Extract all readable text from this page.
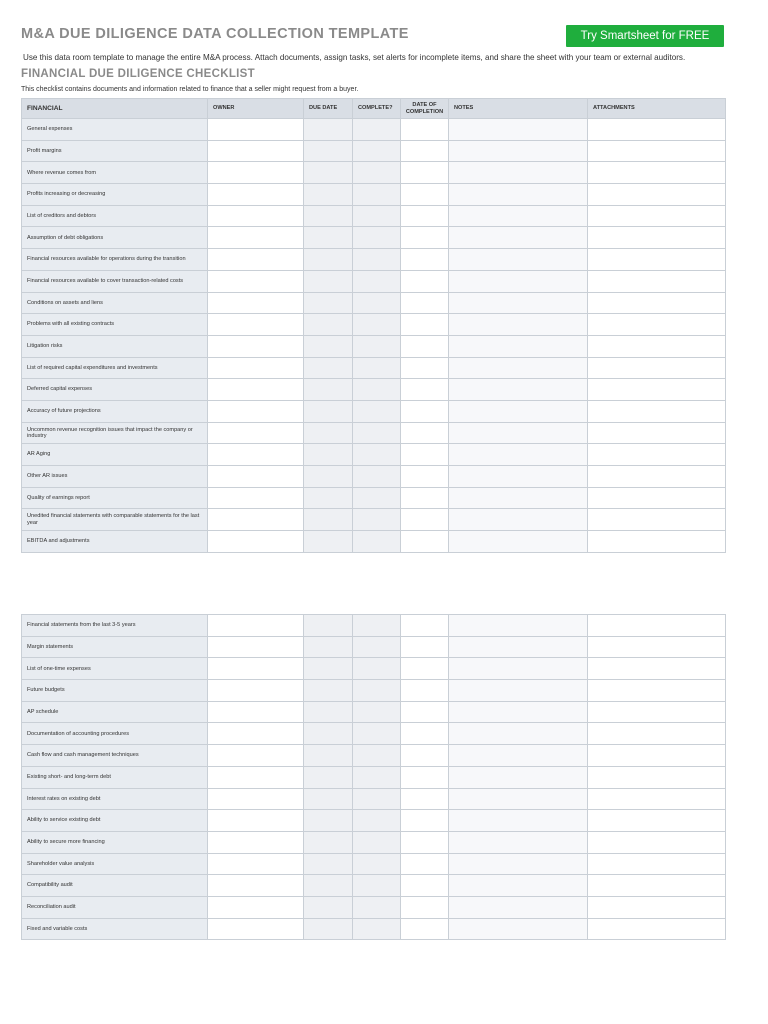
M&A DUE DILIGENCE DATA COLLECTION TEMPLATE	Try Smartsheet for FREE
Use this data room template to manage the entire M&A process. Attach documents, assign tasks, set alerts for incomplete items, and share the sheet with your team or external auditors.
FINANCIAL DUE DILIGENCE CHECKLIST
This checklist contains documents and information related to finance that a seller might request from a buyer.
FINANCIAL	OWNER	DUE DATE	COMPLETE?	DATE OF COMPLETION	NOTES	ATTACHMENTS
General expenses						
Profit margins						
Where revenue comes from						
Profits increasing or decreasing						
List of creditors and debtors						
Assumption of debt obligations						
Financial resources available for operations during the transition						
Financial resources available to cover transaction-related costs						
Conditions on assets and liens						
Problems with all existing contracts						
Litigation risks						
List of required capital expenditures and investments						
Deferred capital expenses						
Accuracy of future projections						
Uncommon revenue recognition issues that impact the company or industry						
AR Aging						
Other AR issues						
Quality of earnings report						
Unedited financial statements with comparable statements for the last year						
EBITDA and adjustments						
Financial statements from the last 3-5 years						
Margin statements						
List of one-time expenses						
Future budgets						
AP schedule						
Documentation of accounting procedures						
Cash flow and cash management techniques						
Existing short- and long-term debt						
Interest rates on existing debt						
Ability to service existing debt						
Ability to secure more financing						
Shareholder value analysis						
Compatibility audit						
Reconciliation audit						
Fixed and variable costs						
